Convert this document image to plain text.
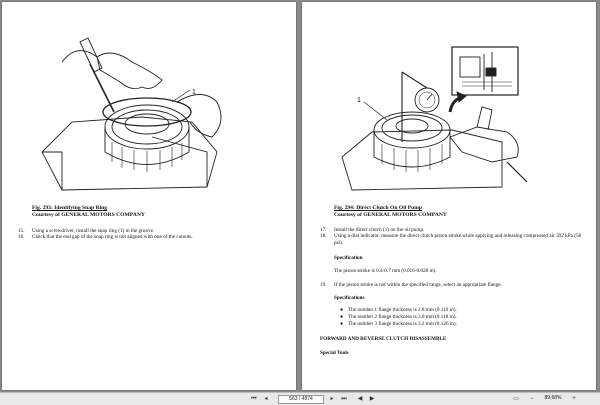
1
Fig. 293: Identifying Snap Ring
Courtesy of GENERAL MOTORS COMPANY
15.	Using a screwdriver, install the snap ring (1) in the groove.
16.	Check that the end gap of the snap ring is not aligned with one of the cutouts.
1
Fig. 294: Direct Clutch On Oil Pump
Courtesy of GENERAL MOTORS COMPANY
17.	Install the direct clutch (1) on the oil pump.
18.	Using a dial indicator, measure the direct clutch piston stroke while applying and releasing compressed air 392 kPa (58 psi).
Specification
The piston stroke is 0.4-0.7 mm (0.016-0.028 in).
19.	If the piston stroke is not within the specified range, select an appropriate flange.
Specifications
● The number 1 flange thickness is 2.8 mm (0.110 in).
● The number 2 flange thickness is 3.0 mm (0.118 in).
● The number 3 flange thickness is 3.2 mm (0.126 in).
FORWARD AND REVERSE CLUTCH DISASSEMBLE
Special Tools
⏮	◂	563 / 4874	▸	⏭ ◀ ▶	▭	−	89.68%	+
